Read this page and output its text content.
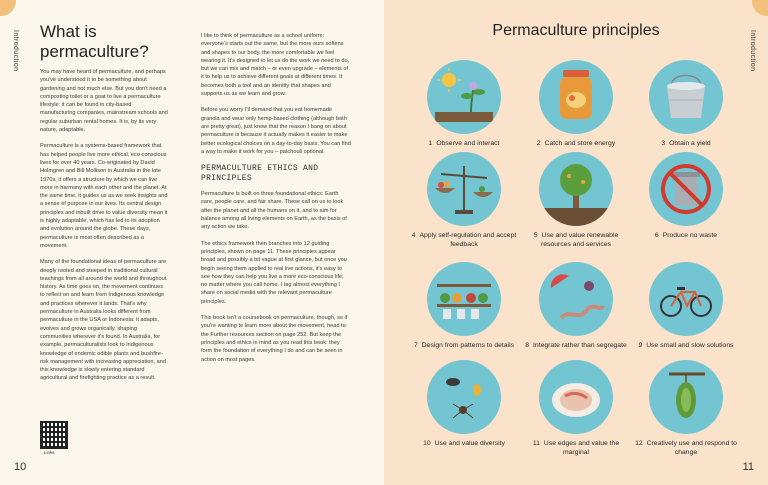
Introduction What is permaculture?

You may have heard of permaculture, and perhaps you've understood it to be something about gardening and not much else. But you don't need a composting toilet or a goat to live a permaculture lifestyle: it can be found in city-based manufacturing companies, mainstream schools and regular suburban rental homes. It is, by its very nature, adaptable.

Permaculture is a systems-based framework that has helped people live more ethical, eco-conscious lives for over 40 years. Co-originated by David Holmgren and Bill Mollison in Australia in the late 1970s, it offers a structure by which we can live more in harmony with each other and the planet. At the same time, it guides us as we seek insights and a sense of purpose in our lives. Its central design principles and inbuilt drive to value diversity mean it is highly adaptable, which has led to its adoption and evolution around the globe. These days, permaculture is most often described as a movement.

Many of the foundational ideas of permaculture are deeply rooted and steeped in traditional cultural teachings from all around the world and throughout history. As time goes on, the movement continues to reflect on and learn from Indigenous knowledge and practices wherever it lands. That's why permaculture in Australia looks different from permaculture in the USA or Indonesia: it adapts, evolves and grows organically, shaping communities wherever it's found. In Australia, for example, permaculturalists look to Indigenous knowledge of endemic edible plants and bushfire-risk management with increasing appreciation, and this knowledge is slowly entering standard agricultural and firefighting practice as a result.

I like to think of permaculture as a school uniform: everyone's starts out the same, but the more ours softens and shapes to our body, the more comfortable we feel wearing it. It's designed to let us do the work we need to do, but we can mix and match – or even upgrade – elements of it to help us to achieve different goals at different times. It becomes both a tool and an identity that shapes and supports us as we learn and grow.

Before you worry I'll demand that you eat homemade granola and wear only hemp-based clothing (although both are pretty great), just know that the reason I bang on about permaculture is because it actually makes it easier to make better ecological choices on a day-to-day basis. You can find a way to make it work for you – patchouli optional.

PERMACULTURE ETHICS AND PRINCIPLES

Permaculture is built on three foundational ethics: Earth care, people care, and fair share. These call on us to look after the planet and all the humans on it, and to aim for balance among all living elements on Earth, as the basis of any action we take.

The ethics framework then branches into 12 guiding principles, shown on page 11. These principles appear broad and possibly a bit vague at first glance, but once you begin seeing them applied to real live actions, it's easy to see how they can help you live a more eco-conscious life, no matter where you call home. I tag almost everything I share on social media with the relevant permaculture principles.

This book isn't a coursebook on permaculture, though, so if you're wanting to learn more about the movement, head to the Further resources section on page 252. But keep the principles and ethics in mind as you read this book: they form the foundation of everything I do and can be seen in action on most pages.

Links
10
Introduction
Permaculture principles
1 Observe and interact	2 Catch and store energy	3 Obtain a yield
4 Apply self-regulation and accept feedback
5 Use and value renewable resources and services
6 Produce no waste
7 Design from patterns to details	8 Integrate rather than segregate	9 Use small and slow solutions
10 Use and value diversity	11 Use edges and value the marginal
12 Creatively use and respond to change
11
